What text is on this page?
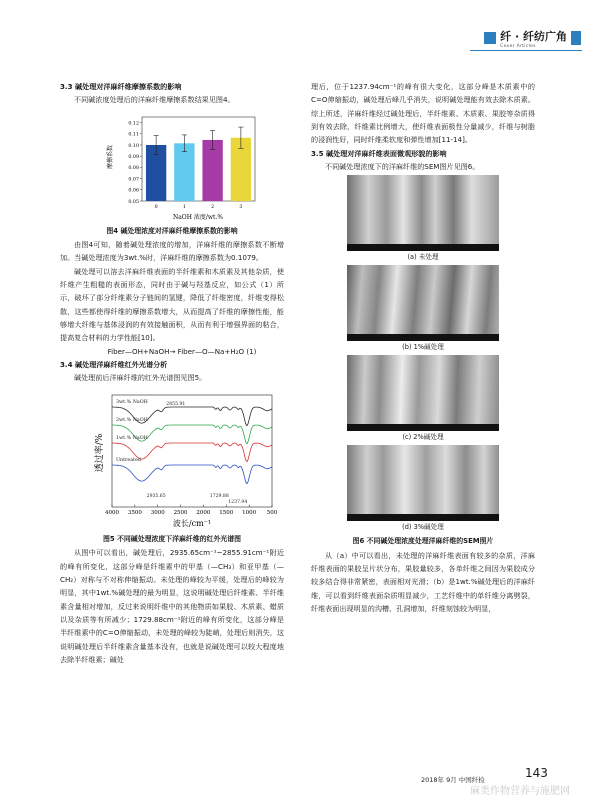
纤 · 纤纺广角
Cover Articles
3.3 碱处理对洋麻纤维摩擦系数的影响
不同碱浓度处理后的洋麻纤维摩擦系数结果见图4。
摩擦系数
NaOH 浓度/wt.%
0.05
0.06
0.07
0.08
0.09
0.10
0.11
0.12
0	1	2	3
图4 碱处理浓度对洋麻纤维摩擦系数的影响
由图4可知，随着碱处理浓度的增加，洋麻纤维的摩擦系数不断增加。当碱处理浓度为3wt.%时，洋麻纤维的摩擦系数为0.1079。
碱处理可以溶去洋麻纤维表面的半纤维素和木质素及其他杂质，使纤维产生粗糙的表面形态，同时由于碱与羟基反应，如公式（1）所示，破坏了部分纤维素分子链间的氢键，降低了纤维密度，纤维变得松散，这些都使得纤维的摩擦系数增大，从而提高了纤维的摩擦性能，能够增大纤维与基体浸润的有效接触面积，从而有利于增强界面的粘合，提高复合材料的力学性能[10]。
Fiber—OH+NaOH→ Fiber—O—Na+H₂O (1)
3.4 碱处理洋麻纤维红外光谱分析
碱处理前后洋麻纤维的红外光谱图见图5。
透过率/%
波长/cm⁻¹
4000 3500 3000 2500 2000 1500 1000 500
3wt.% NaOH
2wt.% NaOH
1wt.% NaOH
Untreated
2855.91
2935.65	1729.88
1237.94
图5 不同碱处理浓度下洋麻纤维的红外光谱图
从图中可以看出，碱处理后，2935.65cm⁻¹~2855.91cm⁻¹附近的峰有所变化，这部分峰是纤维素中的甲基（—CH₃）和亚甲基（—CH₂）对称与不对称伸缩振动。未处理的峰较为平缓，处理后的峰较为明显，其中1wt.%碱处理的最为明显，这说明碱处理后纤维素、半纤维素含量相对增加，反过来说明纤维中的其他物质如果胶、木质素、蜡质以及杂质等有所减少；1729.88cm⁻¹附近的峰有所变化，这部分峰是半纤维素中的C=O伸缩振动，未处理的峰较为陡峭，处理后则消失，这说明碱处理后半纤维素含量基本没有，也就是说碱处理可以较大程度地去除半纤维素；碱处
理后，位于1237.94cm⁻¹的峰有很大变化，这部分峰是木质素中的C=O伸缩振动，碱处理后峰几乎消失，说明碱处理能有效去除木质素。综上所述，洋麻纤维经过碱处理后，半纤维素、木质素、果胶等杂质得到有效去除，纤维素比例增大，使纤维表面极性分量减少，纤维与树脂的浸润性好，同时纤维柔软度和弹性增加[11-14]。
3.5 碱处理对洋麻纤维表面微观形貌的影响
不同碱处理浓度下的洋麻纤维的SEM图片见图6。
(a) 未处理
(b) 1%碱处理
(c) 2%碱处理
(d) 3%碱处理
图6 不同碱处理浓度处理洋麻纤维的SEM照片
从（a）中可以看出，未处理的洋麻纤维表面有较多的杂质，洋麻纤维表面的果胶呈片状分布，果胶量较多，各单纤维之间因为果胶成分较多结合得非常紧密，表面相对光滑；（b）是1wt.%碱处理后的洋麻纤维，可以看到纤维表面杂质明显减少，工艺纤维中的单纤维分离劈裂，纤维表面出现明显的沟槽、孔洞增加，纤维刻蚀较为明显，
2018年 9月 中国纤检	143
麻类作物营养与施肥网
